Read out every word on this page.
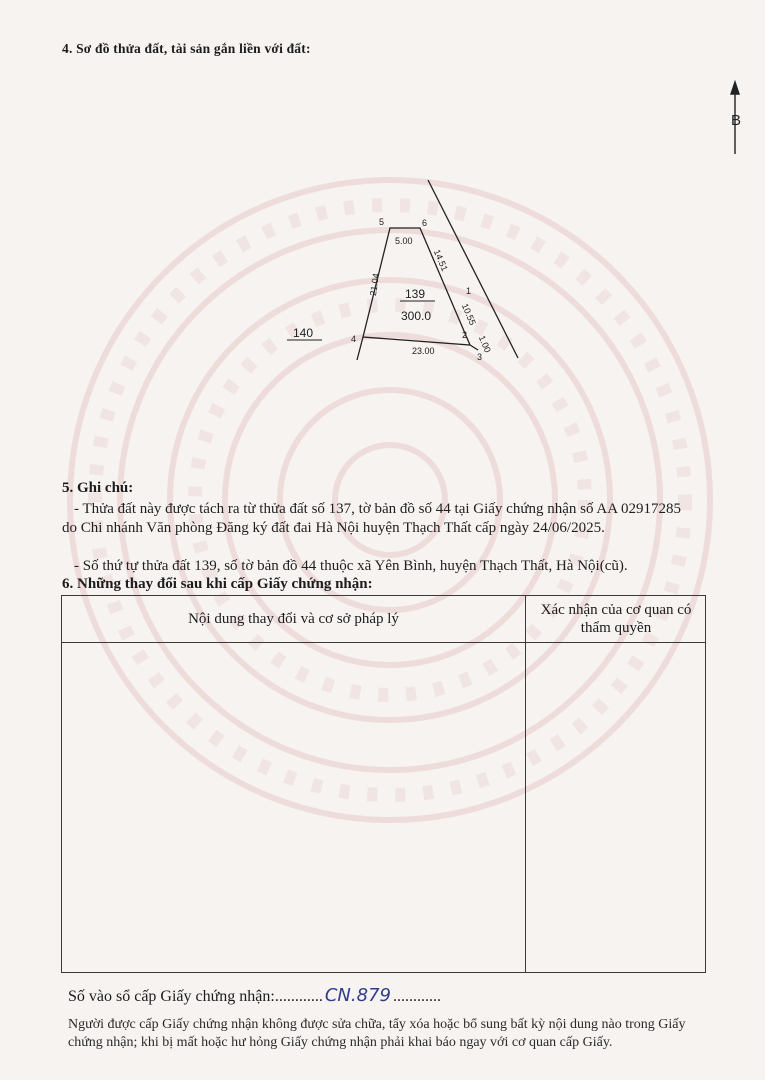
4. Sơ đồ thửa đất, tài sản gắn liền với đất:
B
5	6
1
2
3
4
5.00
21.04
14.51
10.55
1.00
23.00
139
300.0
140
5. Ghi chú:
- Thửa đất này được tách ra từ thửa đất số 137, tờ bản đồ số 44 tại Giấy chứng nhận số AA 02917285 do Chi nhánh Văn phòng Đăng ký đất đai Hà Nội huyện Thạch Thất cấp ngày 24/06/2025.
- Số thứ tự thửa đất 139, số tờ bản đồ 44 thuộc xã Yên Bình, huyện Thạch Thất, Hà Nội(cũ).
6. Những thay đổi sau khi cấp Giấy chứng nhận:
Nội dung thay đổi và cơ sở pháp lý
Xác nhận của cơ quan có thẩm quyền
Số vào sổ cấp Giấy chứng nhận:............ CN.879 ............
Người được cấp Giấy chứng nhận không được sửa chữa, tẩy xóa hoặc bổ sung bất kỳ nội dung nào trong Giấy chứng nhận; khi bị mất hoặc hư hỏng Giấy chứng nhận phải khai báo ngay với cơ quan cấp Giấy.
